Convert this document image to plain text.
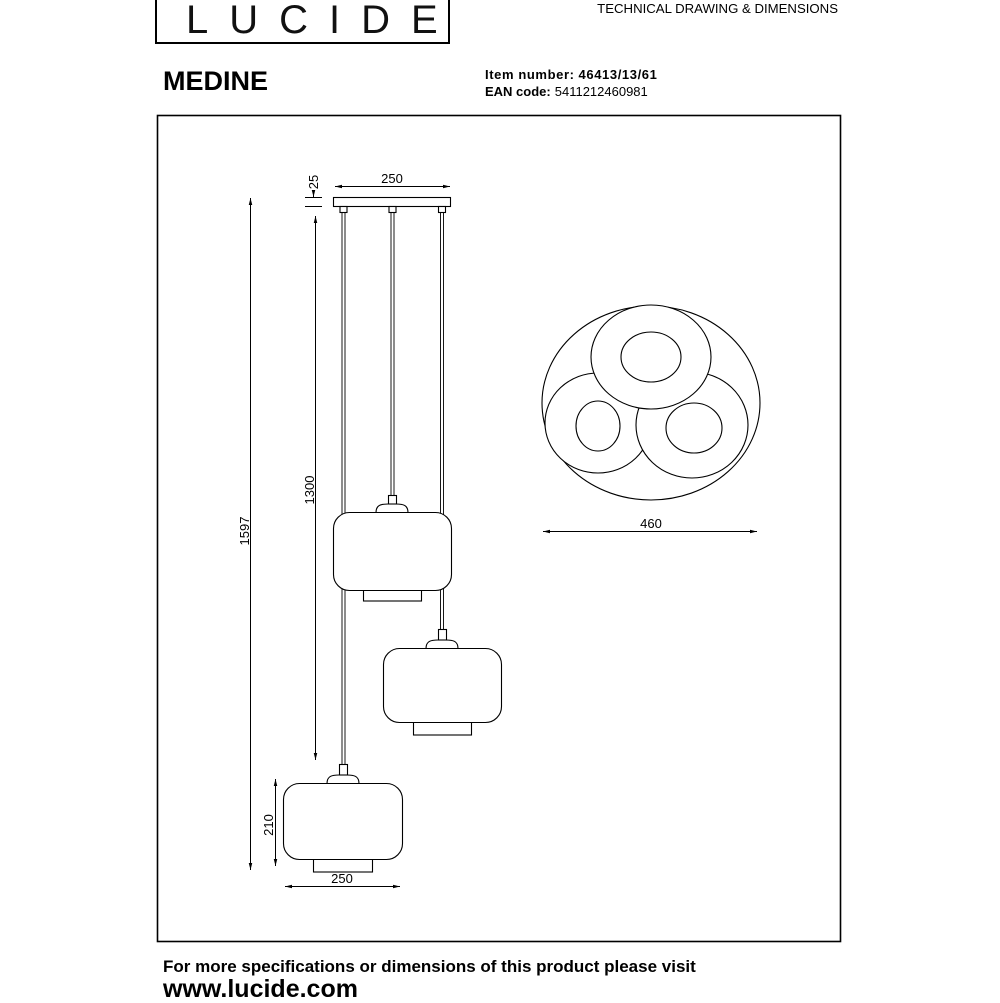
LUCIDE	TECHNICAL DRAWING & DIMENSIONS
MEDINE	Item number: 46413/13/61
EAN code: 5411212460981
250
25
1597
1300
210
250
460
For more specifications or dimensions of this product please visit
www.lucide.com
